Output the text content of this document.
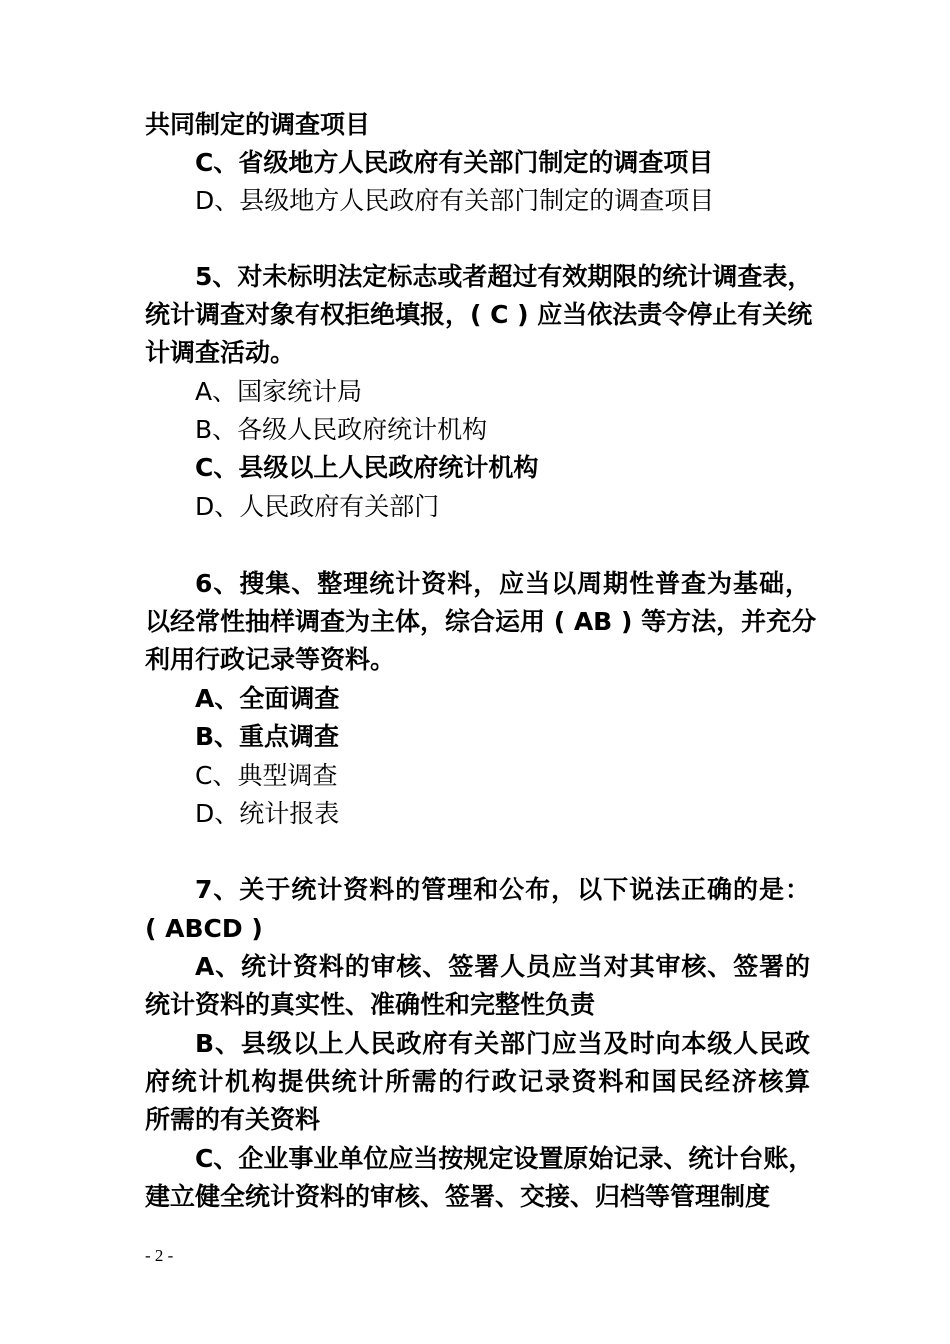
共同制定的调查项目
C、省级地方人民政府有关部门制定的调查项目
D、县级地方人民政府有关部门制定的调查项目
5、对未标明法定标志或者超过有效期限的统计调查表，
统计调查对象有权拒绝填报，( C ) 应当依法责令停止有关统
计调查活动。
A、国家统计局
B、各级人民政府统计机构
C、县级以上人民政府统计机构
D、人民政府有关部门
6、搜集、整理统计资料，应当以周期性普查为基础，
以经常性抽样调查为主体，综合运用 ( AB ) 等方法，并充分
利用行政记录等资料。
A、全面调查
B、重点调查
C、典型调查
D、统计报表
7、关于统计资料的管理和公布，以下说法正确的是：
( ABCD )
A、统计资料的审核、签署人员应当对其审核、签署的
统计资料的真实性、准确性和完整性负责
B、县级以上人民政府有关部门应当及时向本级人民政
府统计机构提供统计所需的行政记录资料和国民经济核算
所需的有关资料
C、企业事业单位应当按规定设置原始记录、统计台账，
建立健全统计资料的审核、签署、交接、归档等管理制度
- 2 -
